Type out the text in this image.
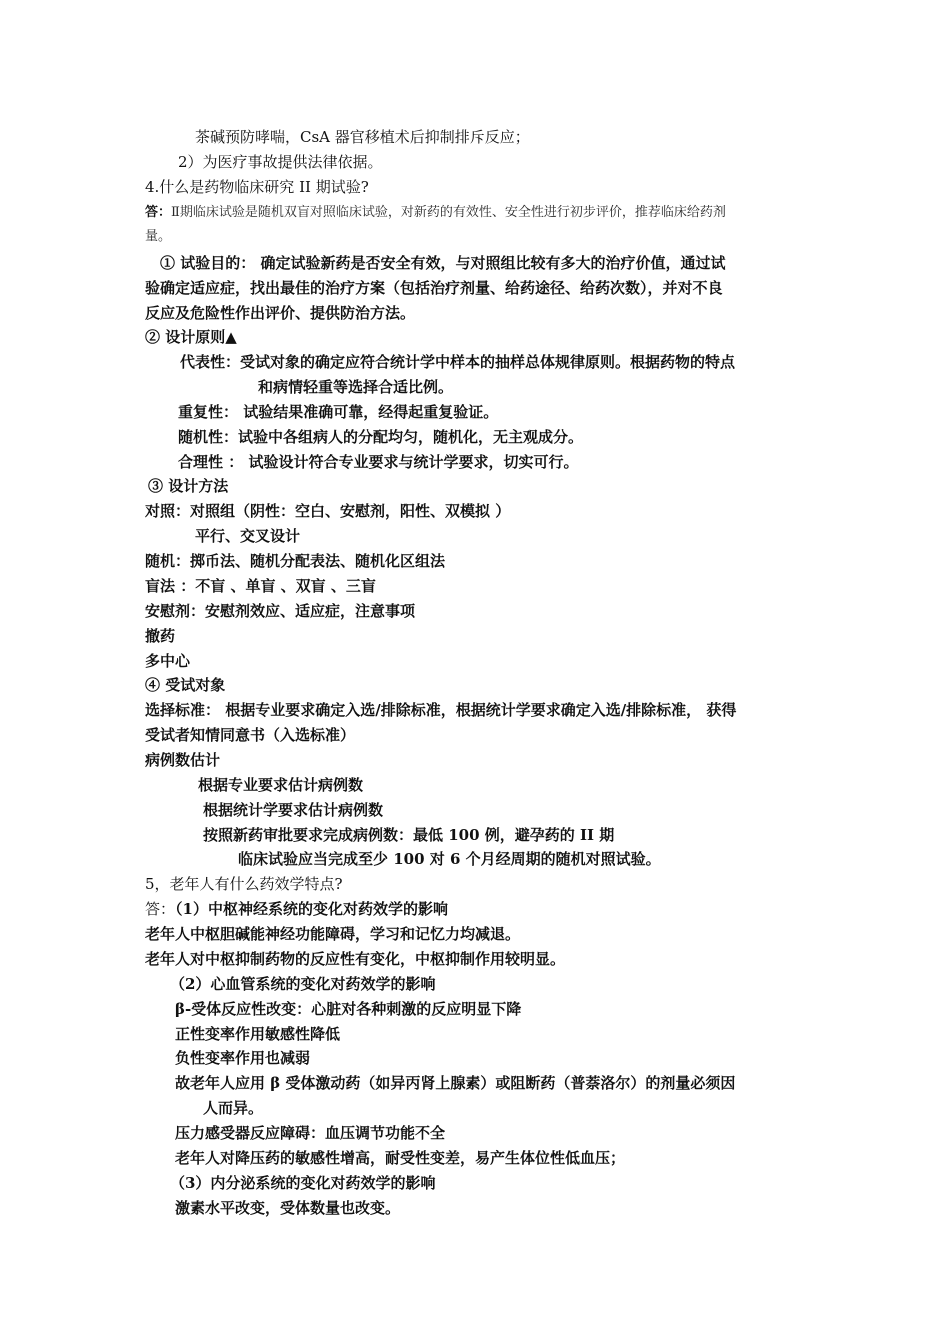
茶碱预防哮喘，CsA 器官移植术后抑制排斥反应；
2）为医疗事故提供法律依据。
4.什么是药物临床研究 II 期试验?
答：Ⅱ期临床试验是随机双盲对照临床试验，对新药的有效性、安全性进行初步评价，推荐临床给药剂
量。
① 试验目的： 确定试验新药是否安全有效，与对照组比较有多大的治疗价值，通过试
验确定适应症，找出最佳的治疗方案（包括治疗剂量、给药途径、给药次数），并对不良
反应及危险性作出评价、提供防治方法。
② 设计原则▲
代表性：受试对象的确定应符合统计学中样本的抽样总体规律原则。根据药物的特点
和病情轻重等选择合适比例。
重复性： 试验结果准确可靠，经得起重复验证。
随机性：试验中各组病人的分配均匀，随机化，无主观成分。
合理性 ： 试验设计符合专业要求与统计学要求，切实可行。
③ 设计方法
对照：对照组（阴性：空白、安慰剂，阳性、双模拟 ）
平行、交叉设计
随机：掷币法、随机分配表法、随机化区组法
盲法 ：不盲 、单盲 、双盲 、三盲
安慰剂：安慰剂效应、适应症，注意事项
撤药
多中心
④ 受试对象
选择标准： 根据专业要求确定入选/排除标准，根据统计学要求确定入选/排除标准， 获得
受试者知情同意书（入选标准）
病例数估计
根据专业要求估计病例数
根据统计学要求估计病例数
按照新药审批要求完成病例数：最低 100 例，避孕药的 II 期
临床试验应当完成至少 100 对 6 个月经周期的随机对照试验。
5，老年人有什么药效学特点?
答：（1）中枢神经系统的变化对药效学的影响
老年人中枢胆碱能神经功能障碍，学习和记忆力均减退。
老年人对中枢抑制药物的反应性有变化，中枢抑制作用较明显。
（2）心血管系统的变化对药效学的影响
β-受体反应性改变：心脏对各种刺激的反应明显下降
正性变率作用敏感性降低
负性变率作用也减弱
故老年人应用 β 受体激动药（如异丙肾上腺素）或阻断药（普萘洛尔）的剂量必须因
人而异。
压力感受器反应障碍：血压调节功能不全
老年人对降压药的敏感性增高，耐受性变差，易产生体位性低血压；
（3）内分泌系统的变化对药效学的影响
激素水平改变，受体数量也改变。
